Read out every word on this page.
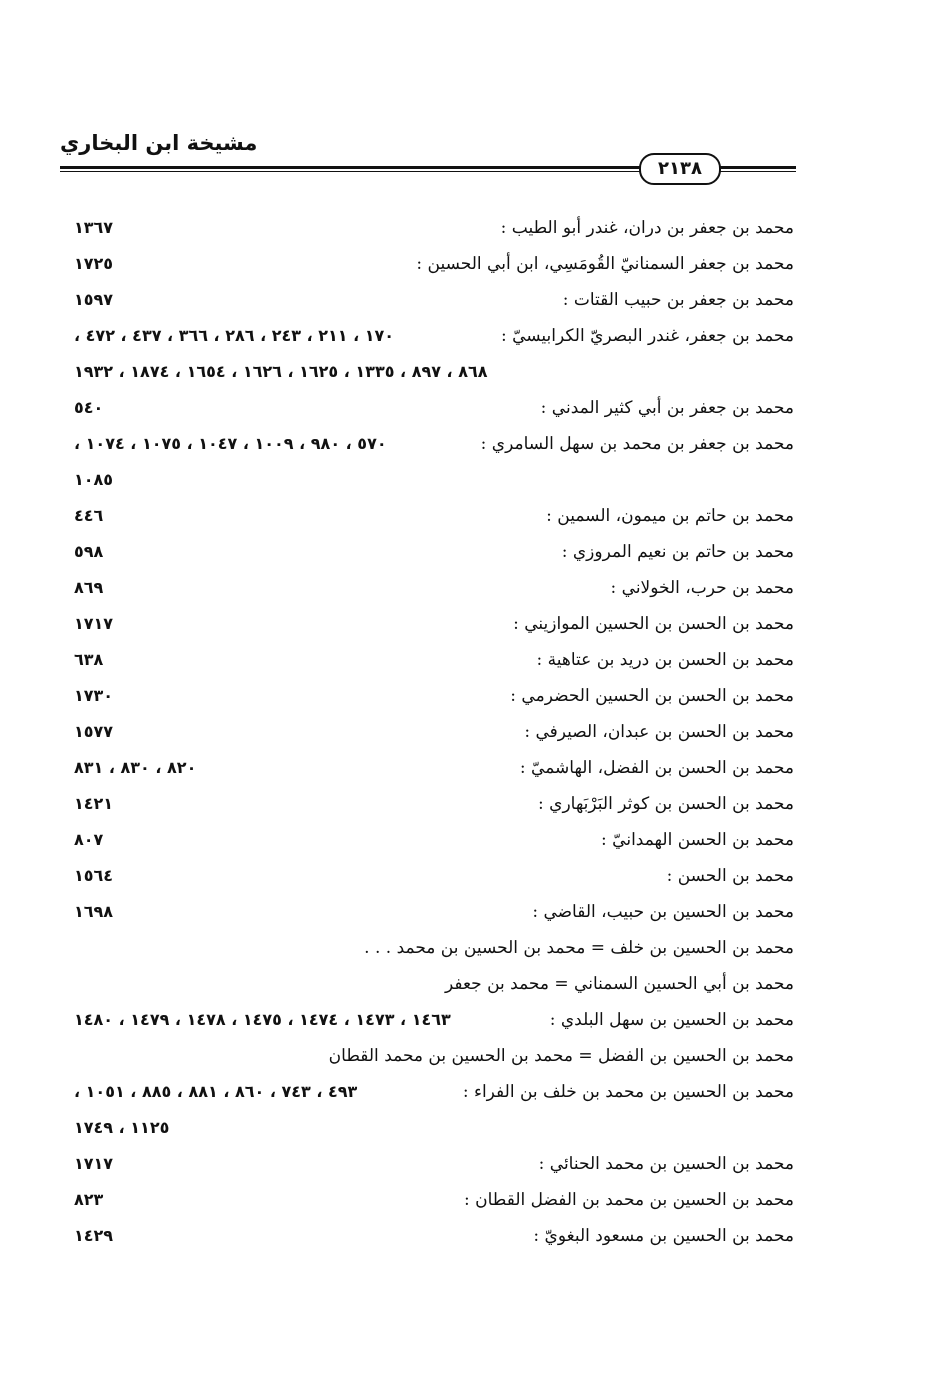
مشيخة ابن البخاري
٢١٣٨
محمد بن جعفر بن دران، غندر أبو الطيب :
١٣٦٧
محمد بن جعفر السمنانيّ القُومَسِي، ابن أبي الحسين :
١٧٢٥
محمد بن جعفر بن حبيب القتات :
١٥٩٧
محمد بن جعفر، غندر البصريّ الكرابيسيّ :
١٧٠ ، ٢١١ ، ٢٤٣ ، ٢٨٦ ، ٣٦٦ ، ٤٣٧ ، ٤٧٢ ،
٨٦٨ ، ٨٩٧ ، ١٣٣٥ ، ١٦٢٥ ، ١٦٢٦ ، ١٦٥٤ ، ١٨٧٤ ، ١٩٣٢
محمد بن جعفر بن أبي كثير المدني :
٥٤٠
محمد بن جعفر بن محمد بن سهل السامري :
٥٧٠ ، ٩٨٠ ، ١٠٠٩ ، ١٠٤٧ ، ١٠٧٥ ، ١٠٧٤ ،
١٠٨٥
محمد بن حاتم بن ميمون، السمين :
٤٤٦
محمد بن حاتم بن نعيم المروزي :
٥٩٨
محمد بن حرب، الخولاني :
٨٦٩
محمد بن الحسن بن الحسين الموازيني :
١٧١٧
محمد بن الحسن بن دريد بن عتاهية :
٦٣٨
محمد بن الحسن بن الحسين الحضرمي :
١٧٣٠
محمد بن الحسن بن عبدان، الصيرفي :
١٥٧٧
محمد بن الحسن بن الفضل، الهاشميّ :
٨٢٠ ، ٨٣٠ ، ٨٣١
محمد بن الحسن بن كوثر البَرْبَهاري :
١٤٢١
محمد بن الحسن الهمدانيّ :
٨٠٧
محمد بن الحسن :
١٥٦٤
محمد بن الحسين بن حبيب، القاضي :
١٦٩٨
محمد بن الحسين بن خلف = محمد بن الحسين بن محمد . . .
محمد بن أبي الحسين السمناني = محمد بن جعفر
محمد بن الحسين بن سهل البلدي :
١٤٦٣ ، ١٤٧٣ ، ١٤٧٤ ، ١٤٧٥ ، ١٤٧٨ ، ١٤٧٩ ، ١٤٨٠
محمد بن الحسين بن الفضل = محمد بن الحسين بن محمد القطان
محمد بن الحسين بن محمد بن خلف بن الفراء :
٤٩٣ ، ٧٤٣ ، ٨٦٠ ، ٨٨١ ، ٨٨٥ ، ١٠٥١ ،
١١٢٥ ، ١٧٤٩
محمد بن الحسين بن محمد الحنائي :
١٧١٧
محمد بن الحسين بن محمد بن الفضل القطان :
٨٢٣
محمد بن الحسين بن مسعود البغويّ :
١٤٢٩
